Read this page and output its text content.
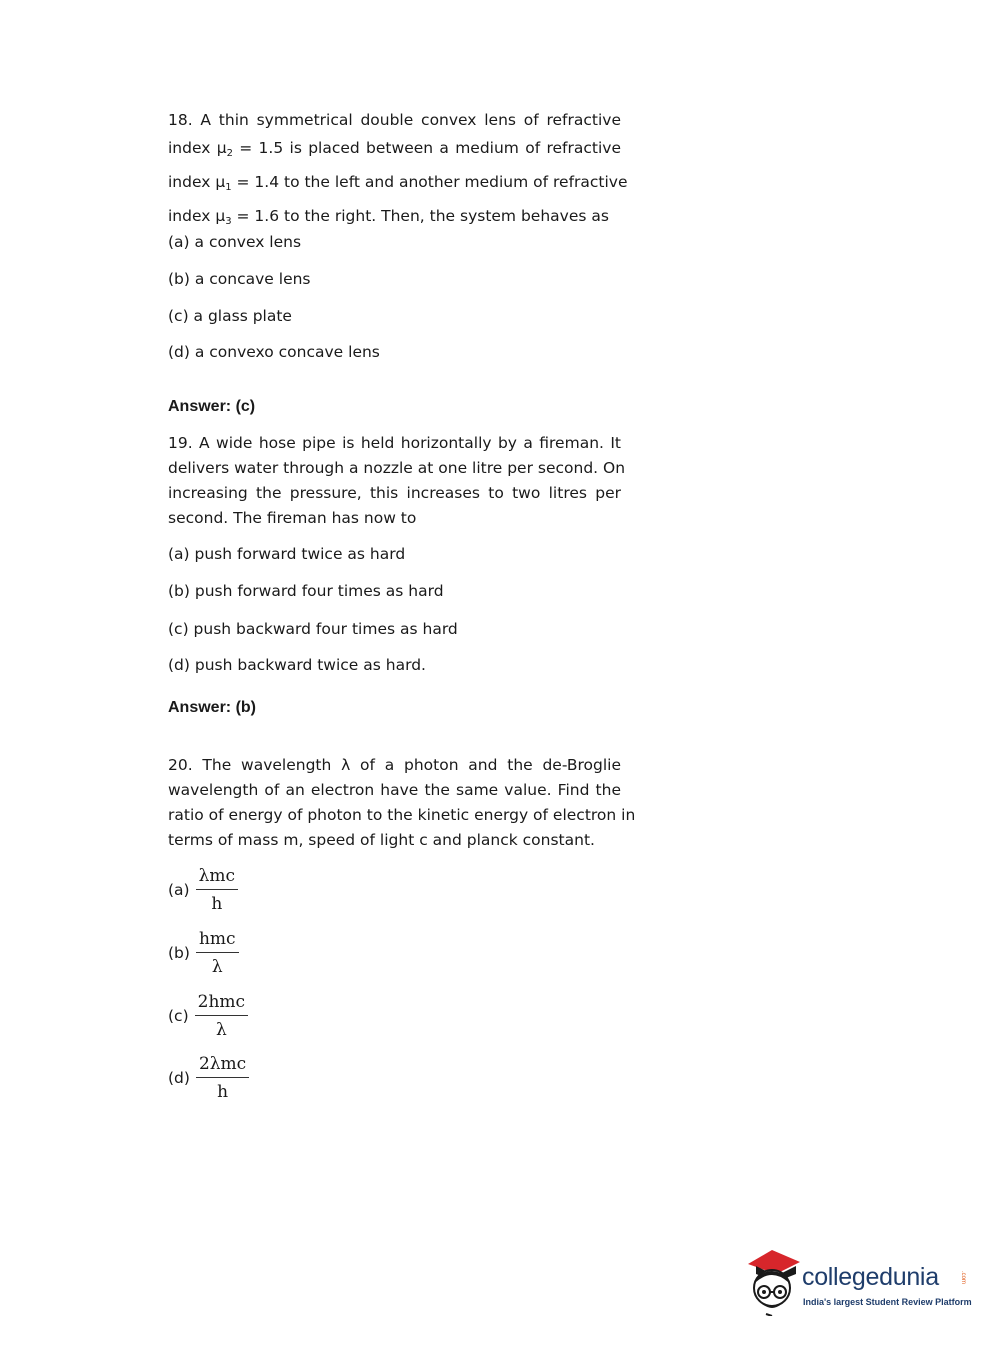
18. A thin symmetrical double convex lens of refractive
index $\mu_2 = 1.5$ is placed between a medium of refractive
index $\mu_1 = 1.4$ to the left and another medium of refractive
index $\mu_3 = 1.6$ to the right. Then, the system behaves as

(a) a convex lens
(b) a concave lens
(c) a glass plate
(d) a convexo concave lens
Answer: (c)

19. A wide hose pipe is held horizontally by a fireman. It
delivers water through a nozzle at one litre per second. On
increasing the pressure, this increases to two litres per
second. The fireman has now to

(a) push forward twice as hard
(b) push forward four times as hard
(c) push backward four times as hard
(d) push backward twice as hard.
Answer: (b)

20. The wavelength λ of a photon and the de-Broglie
wavelength of an electron have the same value. Find the
ratio of energy of photon to the kinetic energy of electron in
terms of mass m, speed of light c and planck constant.

$(a) \frac{\text{λmc}}{h}$
$(b) \frac{\text{hmc}}{\lambda}$
$(c) \frac{\text{2hmc}}{\lambda}$
$(d) \frac{\text{2λmc}}{h}$
collegedunia	.com
India's largest Student Review Platform
